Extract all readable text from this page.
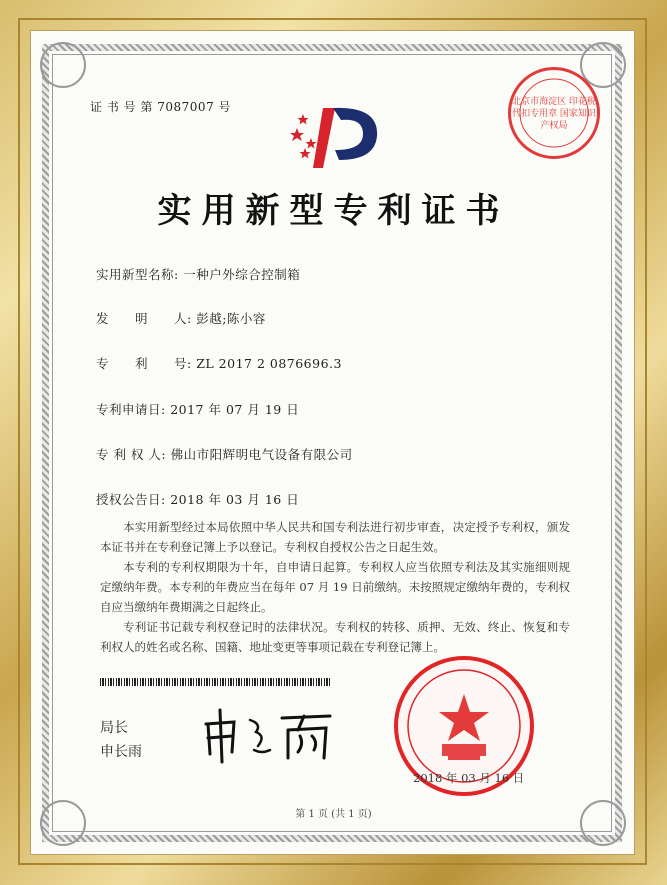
证 书 号 第 7087007 号	北京市海淀区 印花税 代扣专用章 国家知识产权局
实用新型专利证书
实用新型名称: 一种户外综合控制箱
发　　明　　人: 彭越;陈小容
专　　利　　号: ZL 2017 2 0876696.3
专利申请日: 2017 年 07 月 19 日
专 利 权 人: 佛山市阳辉明电气设备有限公司
授权公告日: 2018 年 03 月 16 日

本实用新型经过本局依照中华人民共和国专利法进行初步审查，决定授予专利权，颁发本证书并在专利登记簿上予以登记。专利权自授权公告之日起生效。

本专利的专利权期限为十年，自申请日起算。专利权人应当依照专利法及其实施细则规定缴纳年费。本专利的年费应当在每年 07 月 19 日前缴纳。未按照规定缴纳年费的，专利权自应当缴纳年费期满之日起终止。

专利证书记载专利权登记时的法律状况。专利权的转移、质押、无效、终止、恢复和专利权人的姓名或名称、国籍、地址变更等事项记载在专利登记簿上。

局长
申长雨
2018 年 03 月 16 日
第 1 页 (共 1 页)
